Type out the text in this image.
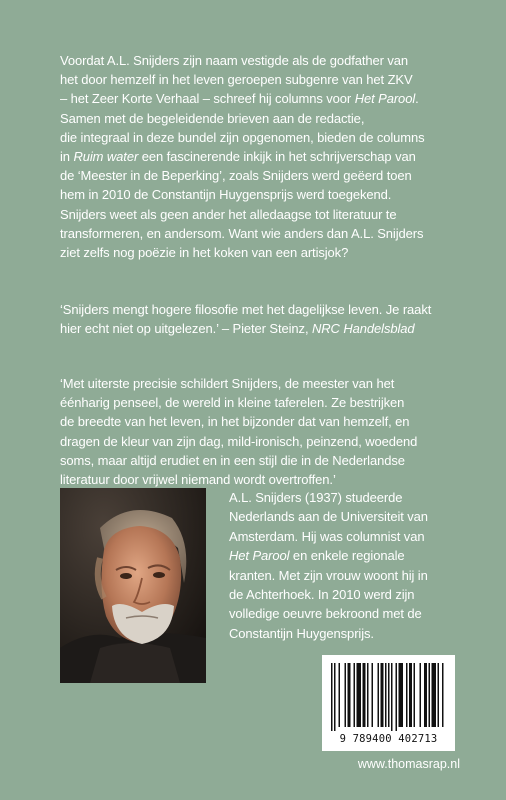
Voordat A.L. Snijders zijn naam vestigde als de godfather van
het door hemzelf in het leven geroepen subgenre van het ZKV
– het Zeer Korte Verhaal – schreef hij columns voor Het Parool.
Samen met de begeleidende brieven aan de redactie,
die integraal in deze bundel zijn opgenomen, bieden de columns
in Ruim water een fascinerende inkijk in het schrijverschap van
de ‘Meester in de Beperking’, zoals Snijders werd geëerd toen
hem in 2010 de Constantijn Huygensprijs werd toegekend.
Snijders weet als geen ander het alledaagse tot literatuur te
transformeren, en andersom. Want wie anders dan A.L. Snijders
ziet zelfs nog poëzie in het koken van een artisjok?

‘Snijders mengt hogere filosofie met het dagelijkse leven. Je raakt
hier echt niet op uitgelezen.’ – Pieter Steinz, NRC Handelsblad

‘Met uiterste precisie schildert Snijders, de meester van het
éénharig penseel, de wereld in kleine taferelen. Ze bestrijken
de breedte van het leven, in het bijzonder dat van hemzelf, en
dragen de kleur van zijn dag, mild-ironisch, peinzend, woedend
soms, maar altijd erudiet en in een stijl die in de Nederlandse
literatuur door vrijwel niemand wordt overtroffen.’

A.L. Snijders (1937) studeerde
Nederlands aan de Universiteit van
Amsterdam. Hij was columnist van
Het Parool en enkele regionale
kranten. Met zijn vrouw woont hij in
de Achterhoek. In 2010 werd zijn
volledige oeuvre bekroond met de
Constantijn Huygensprijs.

9 789400 402713
www.thomasrap.nl
